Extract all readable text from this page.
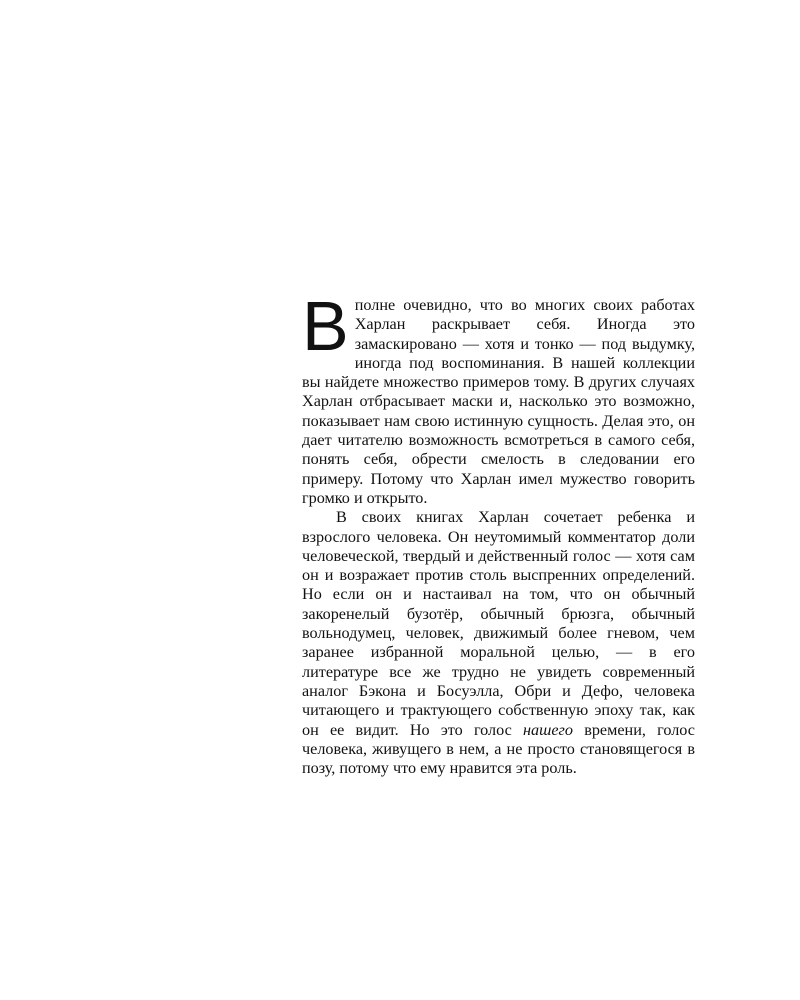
Вполне очевидно, что во многих своих работах Харлан раскрывает себя. Иногда это замаскировано — хотя и тонко — под выдумку, иногда под воспоминания. В нашей коллекции вы найдете множество примеров тому. В других случаях Харлан отбрасывает маски и, насколько это возможно, показывает нам свою истинную сущность. Делая это, он дает читателю возможность всмотреться в самого себя, понять себя, обрести смелость в следовании его примеру. Потому что Харлан имел мужество говорить громко и открыто.

В своих книгах Харлан сочетает ребенка и взрослого человека. Он неутомимый комментатор доли человеческой, твердый и действенный голос — хотя сам он и возражает против столь выспренних определений. Но если он и настаивал на том, что он обычный закоренелый бузотёр, обычный брюзга, обычный вольнодумец, человек, движимый более гневом, чем заранее избранной моральной целью, — в его литературе все же трудно не увидеть современный аналог Бэкона и Босуэлла, Обри и Дефо, человека читающего и трактующего собственную эпоху так, как он ее видит. Но это голос нашего времени, голос человека, живущего в нем, а не просто становящегося в позу, потому что ему нравится эта роль.
